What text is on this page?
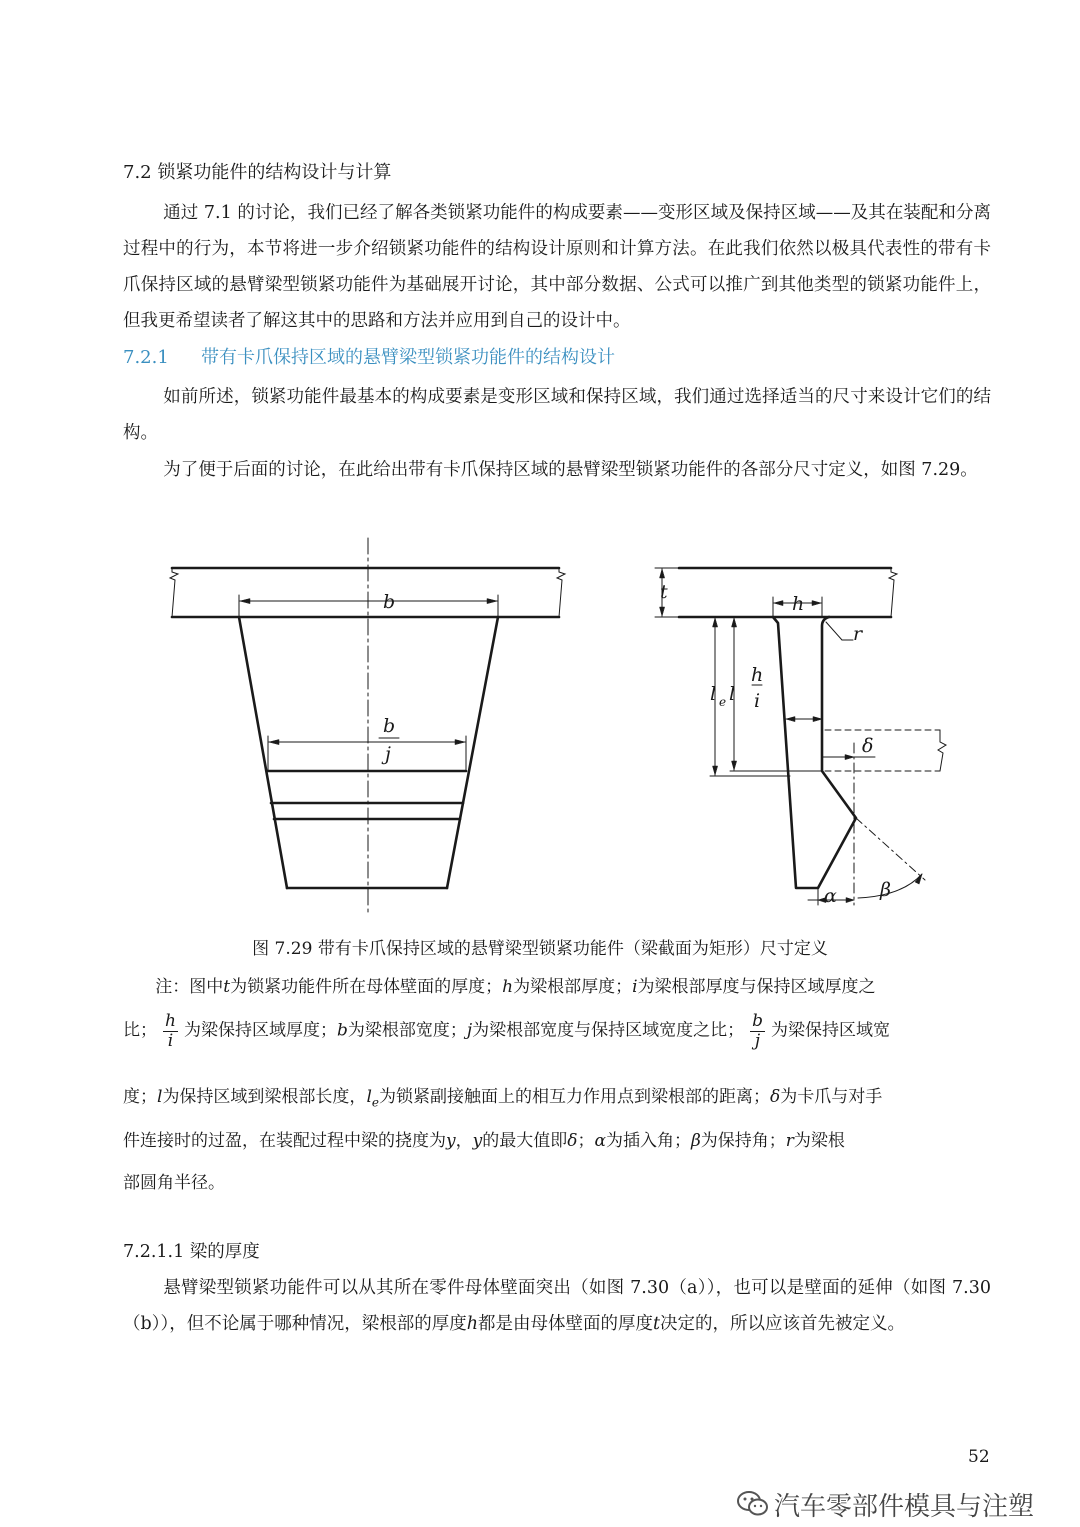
7.2 锁紧功能件的结构设计与计算

通过 7.1 的讨论，我们已经了解各类锁紧功能件的构成要素——变形区域及保持区域——及其在装配和分离过程中的行为，本节将进一步介绍锁紧功能件的结构设计原则和计算方法。在此我们依然以极具代表性的带有卡爪保持区域的悬臂梁型锁紧功能件为基础展开讨论，其中部分数据、公式可以推广到其他类型的锁紧功能件上，但我更希望读者了解这其中的思路和方法并应用到自己的设计中。

7.2.1 带有卡爪保持区域的悬臂梁型锁紧功能件的结构设计

如前所述，锁紧功能件最基本的构成要素是变形区域和保持区域，我们通过选择适当的尺寸来设计它们的结构。

为了便于后面的讨论，在此给出带有卡爪保持区域的悬臂梁型锁紧功能件的各部分尺寸定义，如图 7.29。

b
b
j
t
h
r
l e l
h
i
δ
α β
图 7.29 带有卡爪保持区域的悬臂梁型锁紧功能件（梁截面为矩形）尺寸定义
注：图中t为锁紧功能件所在母体壁面的厚度；h为梁根部厚度；i为梁根部厚度与保持区域厚度之
比； $\frac{h}{i}$ 为梁保持区域厚度；b为梁根部宽度；j为梁根部宽度与保持区域宽度之比； $\frac{b}{j}$ 为梁保持区域宽
度；l为保持区域到梁根部长度，$l_e$为锁紧副接触面上的相互力作用点到梁根部的距离；δ为卡爪与对手
件连接时的过盈，在装配过程中梁的挠度为y，y的最大值即δ；α为插入角；β为保持角；r为梁根
部圆角半径。
7.2.1.1 梁的厚度

悬臂梁型锁紧功能件可以从其所在零件母体壁面突出（如图 7.30（a）），也可以是壁面的延伸（如图 7.30（b）），但不论属于哪种情况，梁根部的厚度h都是由母体壁面的厚度t决定的，所以应该首先被定义。

52
汽车零部件模具与注塑
